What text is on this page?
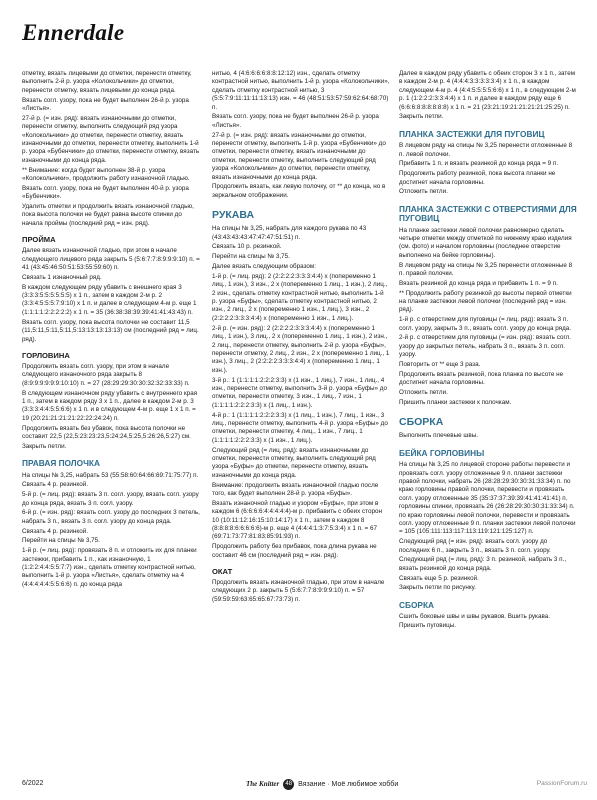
Ennerdale

отметку, вязать лицевыми до отметки, перенести отметку, выполнить 2-й р. узора «Колокольчики» до отметки, перенести отметку, вязать лицевыми до конца ряда.

Вязать согл. узору, пока не будет выполнен 26-й р. узора «Листья».

27-й р. (= изн. ряд): вязать изнаночными до отметки, перенести отметку, выполнить следующий ряд узора «Колокольчики» до отметки, перенести отметку, вязать изнаночными до отметки, перенести отметку, выполнить 1-й р. узора «Бубенчики» до отметки, перенести отметку, вязать изнаночными до конца ряда.

** Внимание: когда будет выполнен 38-й р. узора «Колокольчики», продолжить работу изнаночной гладью.

Вязать согл. узору, пока не будет выполнен 40-й р. узора «Бубенчики».

Удалить отметки и продолжить вязать изнаночной гладью, пока высота полочки не будет равна высоте спинки до начала проймы (последний ряд = изн. ряд).

ПРОЙМА

Далее вязать изнаночной гладью, при этом в начале следующего лицевого ряда закрыть 5 (5:6:7:7:8:9:9:9:10) п. = 41 (43:45:46:50:51:53:55:59:60) п.

Связать 1 изнаночный ряд.

В каждом следующем ряду убавить с внешнего края 3 (3:3:3:5:5:5:5:5:5) х 1 п., затем в каждом 2-м р. 2 (3:3:4:5:5:5:7:9:10) х 1 п. и далее в следующем 4-м р. еще 1 (1:1:1:1:2:2:2:2:2) х 1 п. = 35 (36:38:38:39:39:41:41:43:43) п.

Вязать согл. узору, пока высота полочки не составит 11,5 (11,5:11,5:11,5:11,5:13:13:13:13:13) см (последний ряд = лиц. ряд).

ГОРЛОВИНА

Продолжить вязать согл. узору, при этом в начале следующего изнаночного ряда закрыть 8 (8:9:9:9:9:9:9:10:10) п. = 27 (28:29:29:30:30:32:32:33:33) п.

В следующем изнаночном ряду убавить с внутреннего края 1 п., затем в каждом ряду 3 х 1 п., далее в каждом 2-м р. 3 (3:3:3:4:4:5:5:6:6) х 1 п. и в следующем 4-м р. еще 1 х 1 п. = 19 (20:21:21:21:21:22:22:24:24) п.

Продолжить вязать без убавок, пока высота полочки не составит 22,5 (22,5:23:23:23,5:24:24,5:25,5:26:26,5:27) см.

Закрыть петли.

ПРАВАЯ ПОЛОЧКА

На спицы № 3,25, набрать 53 (55:58:60:64:66:69:71:75:77) п.

Связать 4 р. резинкой.

5-й р. (= лиц. ряд): вязать 3 п. согл. узору, вязать согл. узору до конца ряда, вязать 3 п. согл. узору.

6-й р. (= изн. ряд): вязать согл. узору до последних 3 петель, набрать 3 п., вязать 3 п. согл. узору до конца ряда.

Связать 4 р. резинкой.

Перейти на спицы № 3,75.

1-й р. (= лиц. ряд): провязать 8 п. и отложить их для планки застежки, прибавить 1 п., как изнаночную, 1 (1:2:2:4:4:5:5:7:7) изн., сделать отметку контрастной нитью, выполнить 1-й р. узора «Листья», сделать отметку на 4 (4:4:4:4:4:5:5:6:6) п. до конца ряда

нитью, 4 (4:6:6:6:6:8:8:12:12) изн., сделать отметку контрастной нитью, выполнить 1-й р. узора «Колокольчики», сделать отметку контрастной нитью, 3 (5:5:7:9:11:11:11:13:13) изн. = 46 (48:51:53:57:59:62:64:68:70) п.

Вязать согл. узору, пока не будет выполнен 26-й р. узора «Листья».

27-й р. (= изн. ряд): вязать изнаночными до отметки, перенести отметку, выполнить 1-й р. узора «Бубенчики» до отметки, перенести отметку, вязать изнаночными до отметки, перенести отметку, выполнить следующий ряд узора «Колокольчики» до отметки, перенести отметку, вязать изнаночными до конца ряда.

Продолжить вязать, как левую полочку, от ** до конца, но в зеркальном отображении.

РУКАВА

На спицы № 3,25, набрать для каждого рукава по 43 (43:43:43:43:47:47:47:51:51) п.

Связать 10 р. резинкой.

Перейти на спицы № 3,75.

Далее вязать следующим образом:

1-й р. (= лиц. ряд): 2 (2:2:2:2:3:3:3:4:4) х (попеременно 1 лиц., 1 изн.), 3 изн., 2 х (попеременно 1 лиц., 1 изн.), 2 лиц., 2 изн., сделать отметку контрастной нитью, выполнить 1-й р. узора «Буфы», сделать отметку контрастной нитью, 2 изн., 2 лиц., 2 х (попеременно 1 изн., 1 лиц.), 3 изн., 2 (2:2:2:2:3:3:3:4:4) х (попеременно 1 изн., 1 лиц.).

2-й р. (= изн. ряд): 2 (2:2:2:2:3:3:3:4:4) х (попеременно 1 лиц., 1 изн.), 3 лиц., 2 х (попеременно 1 лиц., 1 изн.), 2 изн., 2 лиц., перенести отметку, выполнить 2-й р. узора «Буфы», перенести отметку, 2 лиц., 2 изн., 2 х (попеременно 1 лиц., 1 изн.), 3 лиц., 2 (2:2:2:2:3:3:3:4:4) х (попеременно 1 лиц., 1 изн.).

3-й р.: 1 (1:1:1:1:2:2:2:3:3) х (1 изн., 1 лиц.), 7 изн., 1 лиц., 4 изн., перенести отметку, выполнить 3-й р. узора «Буфы» до отметки, перенести отметку, 3 изн., 1 лиц., 7 изн., 1 (1:1:1:1:2:2:2:3:3) х (1 лиц., 1 изн.).

4-й р.: 1 (1:1:1:1:2:2:2:3:3) х (1 лиц., 1 изн.), 7 лиц., 1 изн., 3 лиц., перенести отметку, выполнить 4-й р. узора «Буфы» до отметки, перенести отметку, 4 лиц., 1 изн., 7 лиц., 1 (1:1:1:1:2:2:2:3:3) х (1 изн., 1 лиц.).

Следующий ряд (= лиц. ряд): вязать изнаночными до отметки, перенести отметку, выполнить следующий ряд узора «Буфы» до отметки, перенести отметку, вязать изнаночными до конца ряда.

Внимание: продолжить вязать изнаночной гладью после того, как будет выполнен 28-й р. узора «Буфы».

Вязать изнаночной гладью и узором «Буфы», при этом в каждом 6 (6:6:6:6:4:4:4:4:4)-м р. прибавить с обеих сторон 10 (10:11:12:16:15:10:14:17) х 1 п., затем в каждом 8 (8:8:8:8:6:6:6:6:6)-м р. еще 4 (4:4:4:1:3:7:5:3:4) х 1 п. = 67 (69:71:73:77:81:83:85:91:93) п.

Продолжить работу без прибавок, пока длина рукава не составит 46 см (последний ряд = изн. ряд).

ОКАТ

Продолжить вязать изнаночной гладью, при этом в начале следующих 2 р. закрыть 5 (5:6:7:7:8:9:9:9:10) п. = 57 (59:59:59:63:65:65:67:73:73) п.

Далее в каждом ряду убавить с обеих сторон 3 х 1 п., затем в каждом 2-м р. 4 (4:4:4:3:3:3:3:3:4) х 1 п., в каждом следующем 4-м р. 4 (4:4:5:5:5:5:6:6) х 1 п., в следующем 2-м р. 1 (1:2:2:2:3:3:4:4) х 1 п. и далее в каждом ряду еще 6 (6:6:6:8:8:8:8:8:8) х 1 п. = 21 (23:21:19:21:21:21:21:25:25) п.

Закрыть петли.

ПЛАНКА ЗАСТЕЖКИ ДЛЯ ПУГОВИЦ

В лицевом ряду на спицы № 3,25 перенести отложенные 8 п. левой полочки.

Прибавить 1 п. и вязать резинкой до конца ряда = 9 п.

Продолжить работу резинкой, пока высота планки не достигнет начала горловины.

Отложить петли.

ПЛАНКА ЗАСТЕЖКИ С ОТВЕРСТИЯМИ ДЛЯ ПУГОВИЦ

На планке застежки левой полочки равномерно сделать четыре отметки между отметкой по нижнему краю изделия (см. фото) и началом горловины (последнее отверстие выполнено на бейке горловины).

В лицевом ряду на спицы № 3,25 перенести отложенные 8 п. правой полочки.

Вязать резинкой до конца ряда и прибавить 1 п. = 9 п.

** Продолжить работу резинкой до высоты первой отметки на планке застежки левой полочки (последний ряд = изн. ряд).

1-й р. с отверстием для пуговицы (= лиц. ряд): вязать 3 п. согл. узору, закрыть 3 п., вязать согл. узору до конца ряда.

2-й р. с отверстием для пуговицы (= изн. ряд): вязать согл. узору до закрытых петель, набрать 3 п., вязать 3 п. согл. узору.

Повторить от ** еще 3 раза.

Продолжить вязать резинкой, пока планка по высоте не достигнет начала горловины.

Отложить петли.

Пришить планки застежки к полочкам.

СБОРКА

Выполнить плечевые швы.

БЕЙКА ГОРЛОВИНЫ

На спицы № 3,25 по лицевой стороне работы перевести и провязать согл. узору отложенные 9 п. планки застежки правой полочки, набрать 26 (28:28:29:30:30:31:33:34) п. по краю горловины правой полочки, перевести и провязать согл. узору отложенные 35 (35:37:37:39:39:41:41:41:41) п. горловины спинки, провязать 26 (26:28:29:30:30:31:33:34) п. по краю горловины левой полочки, перевести и провязать согл. узору отложенные 9 п. планки застежки левой полочки = 105 (105:111:113:117:113:119:121:125:127) п.

Следующий ряд (= изн. ряд): вязать согл. узору до последних 6 п., закрыть 3 п., вязать 3 п. согл. узору.

Следующий ряд (= лиц. ряд): 3 п. резинкой, набрать 3 п., вязать резинкой до конца ряда.

Связать еще 5 р. резинкой.

Закрыть петли по рисунку.

СБОРКА

Сшить боковые швы и швы рукавов. Вшить рукава. Пришить пуговицы.

6/2022	The Knitter 48 Вязание · Моё любимое хобби	PassionForum.ru
